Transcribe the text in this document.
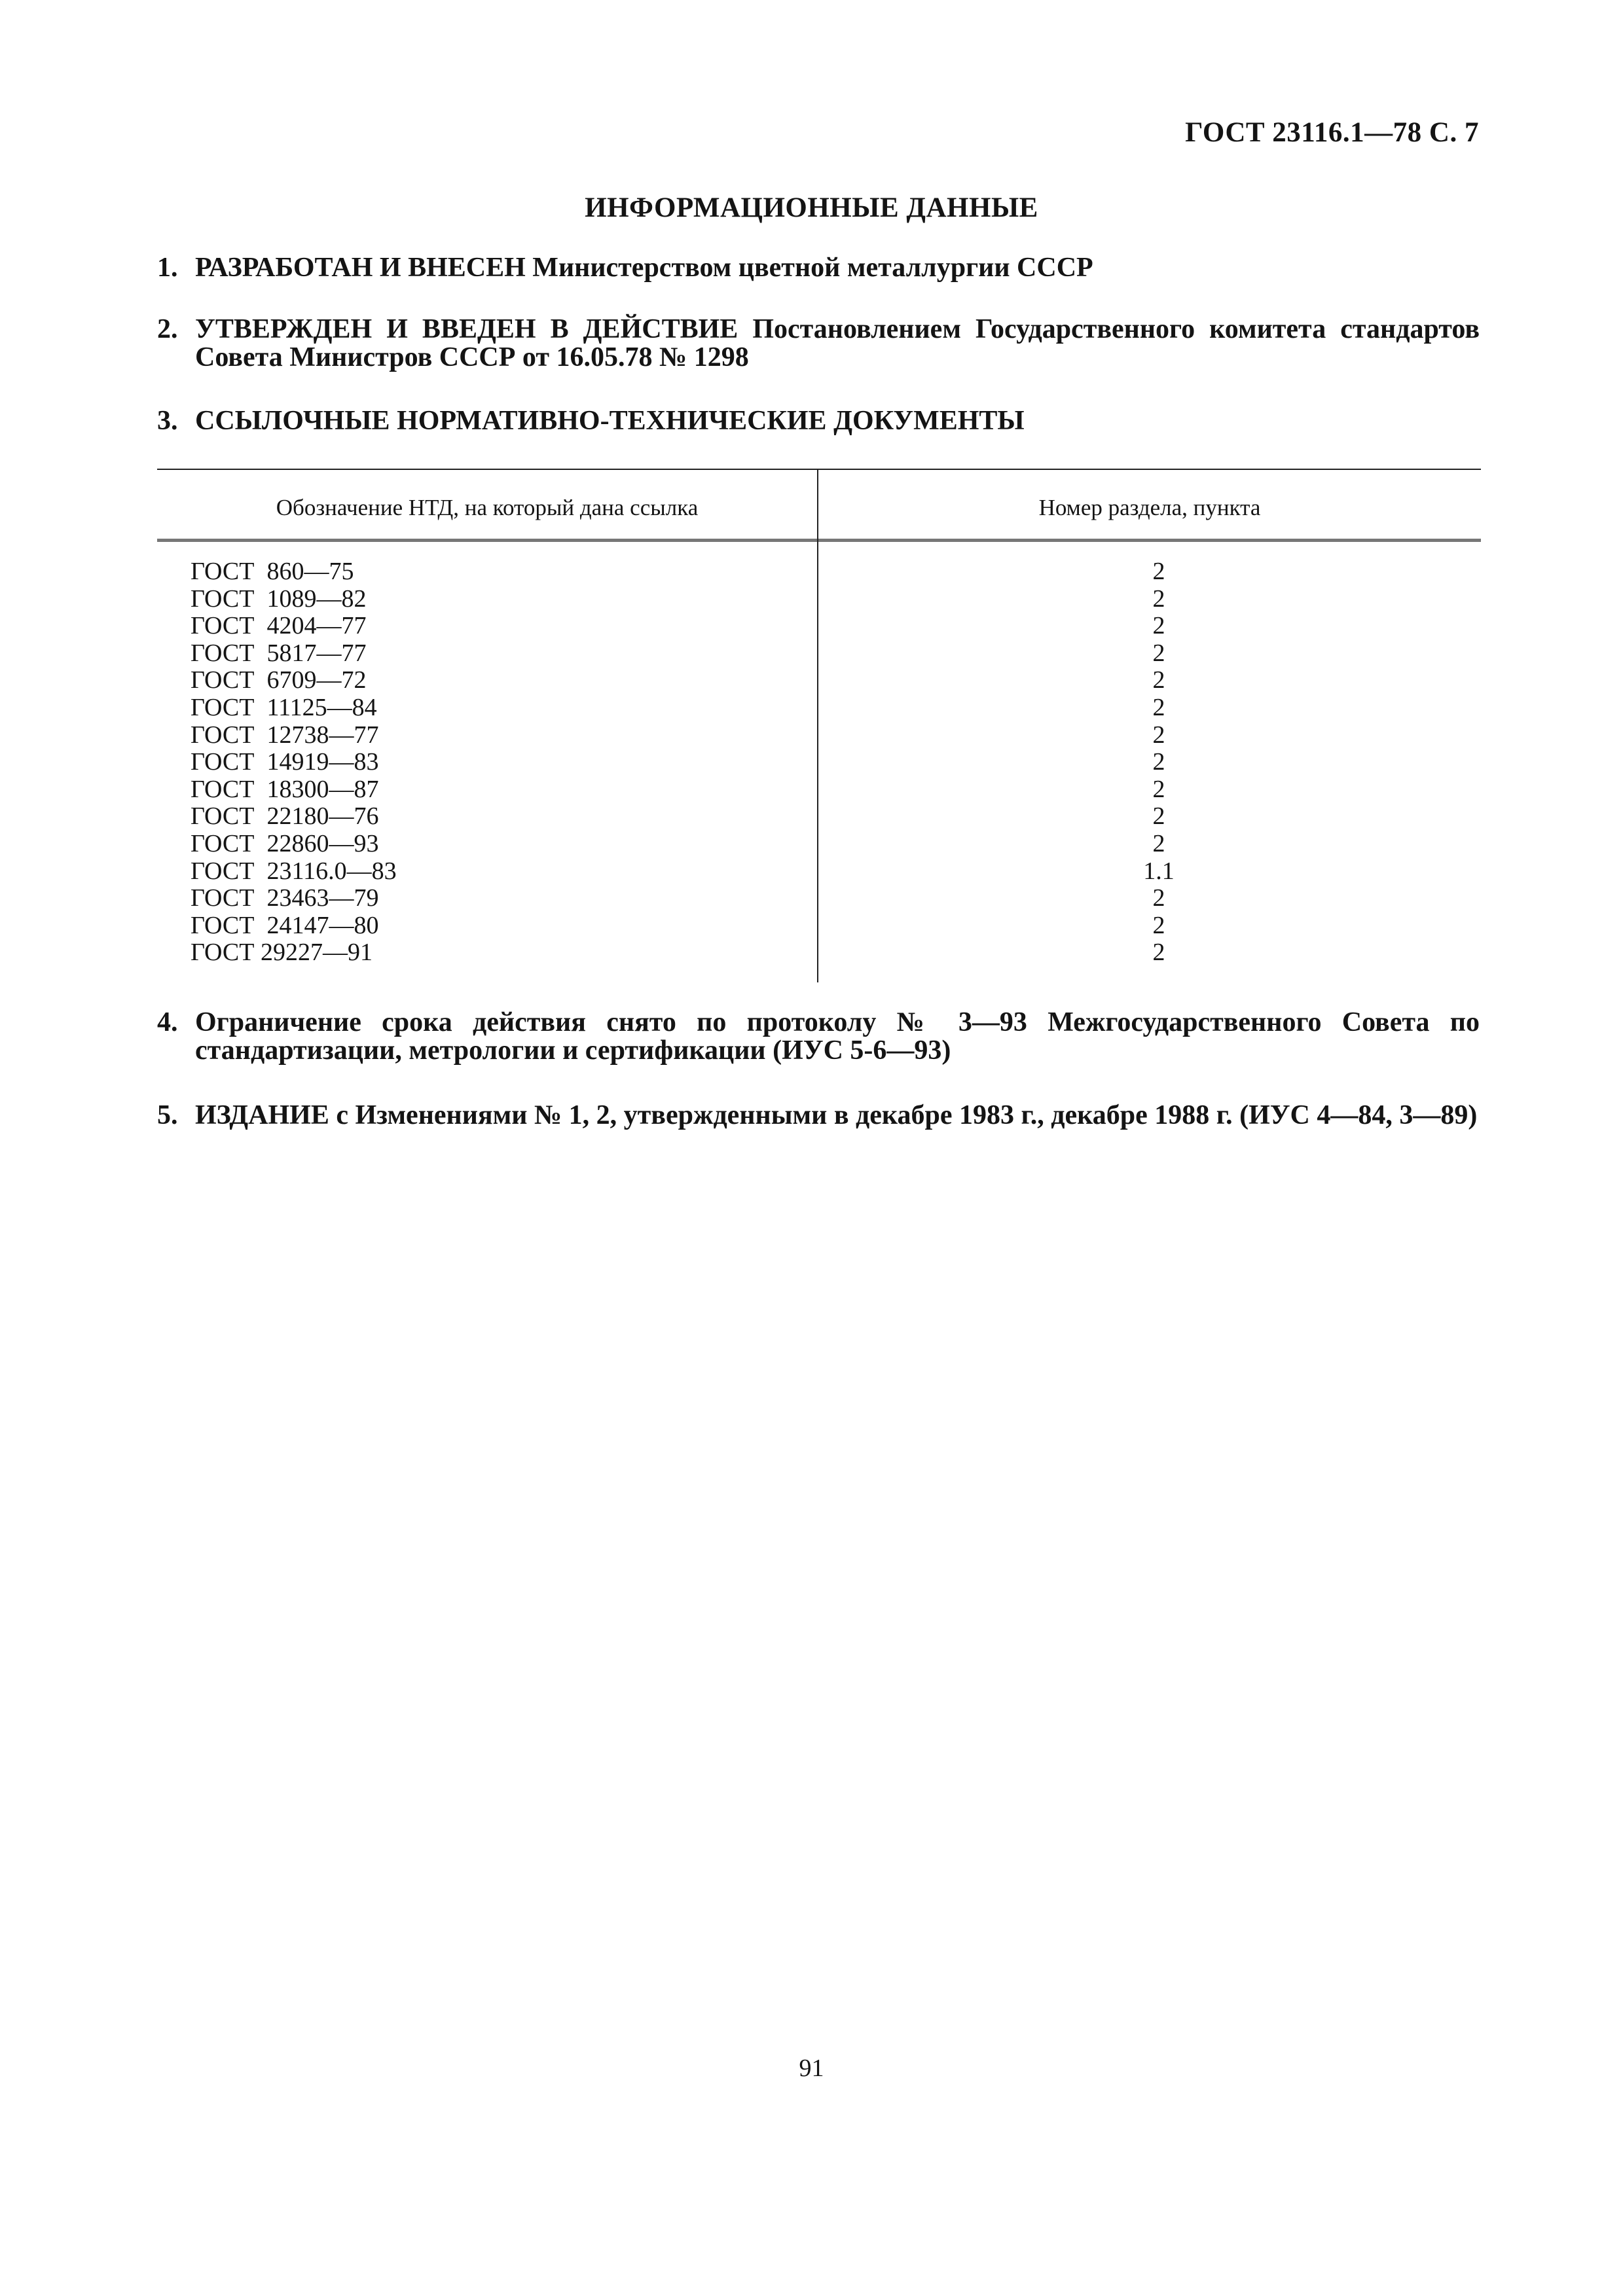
ГОСТ 23116.1—78 С. 7
ИНФОРМАЦИОННЫЕ ДАННЫЕ
1. РАЗРАБОТАН И ВНЕСЕН Министерством цветной металлургии СССР
2. УТВЕРЖДЕН И ВВЕДЕН В ДЕЙСТВИЕ Постановлением Государственного комитета стандартов Совета Министров СССР от 16.05.78 № 1298
3. ССЫЛОЧНЫЕ НОРМАТИВНО-ТЕХНИЧЕСКИЕ ДОКУМЕНТЫ
Обозначение НТД, на который дана ссылка	Номер раздела, пункта
ГОСТ  860—75	2
ГОСТ  1089—82	2
ГОСТ  4204—77	2
ГОСТ  5817—77	2
ГОСТ  6709—72	2
ГОСТ  11125—84	2
ГОСТ  12738—77	2
ГОСТ  14919—83	2
ГОСТ  18300—87	2
ГОСТ  22180—76	2
ГОСТ  22860—93	2
ГОСТ  23116.0—83	1.1
ГОСТ  23463—79	2
ГОСТ  24147—80	2
ГОСТ 29227—91	2
4. Ограничение срока действия снято по протоколу № 3—93 Межгосударственного Совета по стандартизации, метрологии и сертификации (ИУС 5-6—93)
5. ИЗДАНИЕ с Изменениями № 1, 2, утвержденными в декабре 1983 г., декабре 1988 г. (ИУС 4—84, 3—89)
91
